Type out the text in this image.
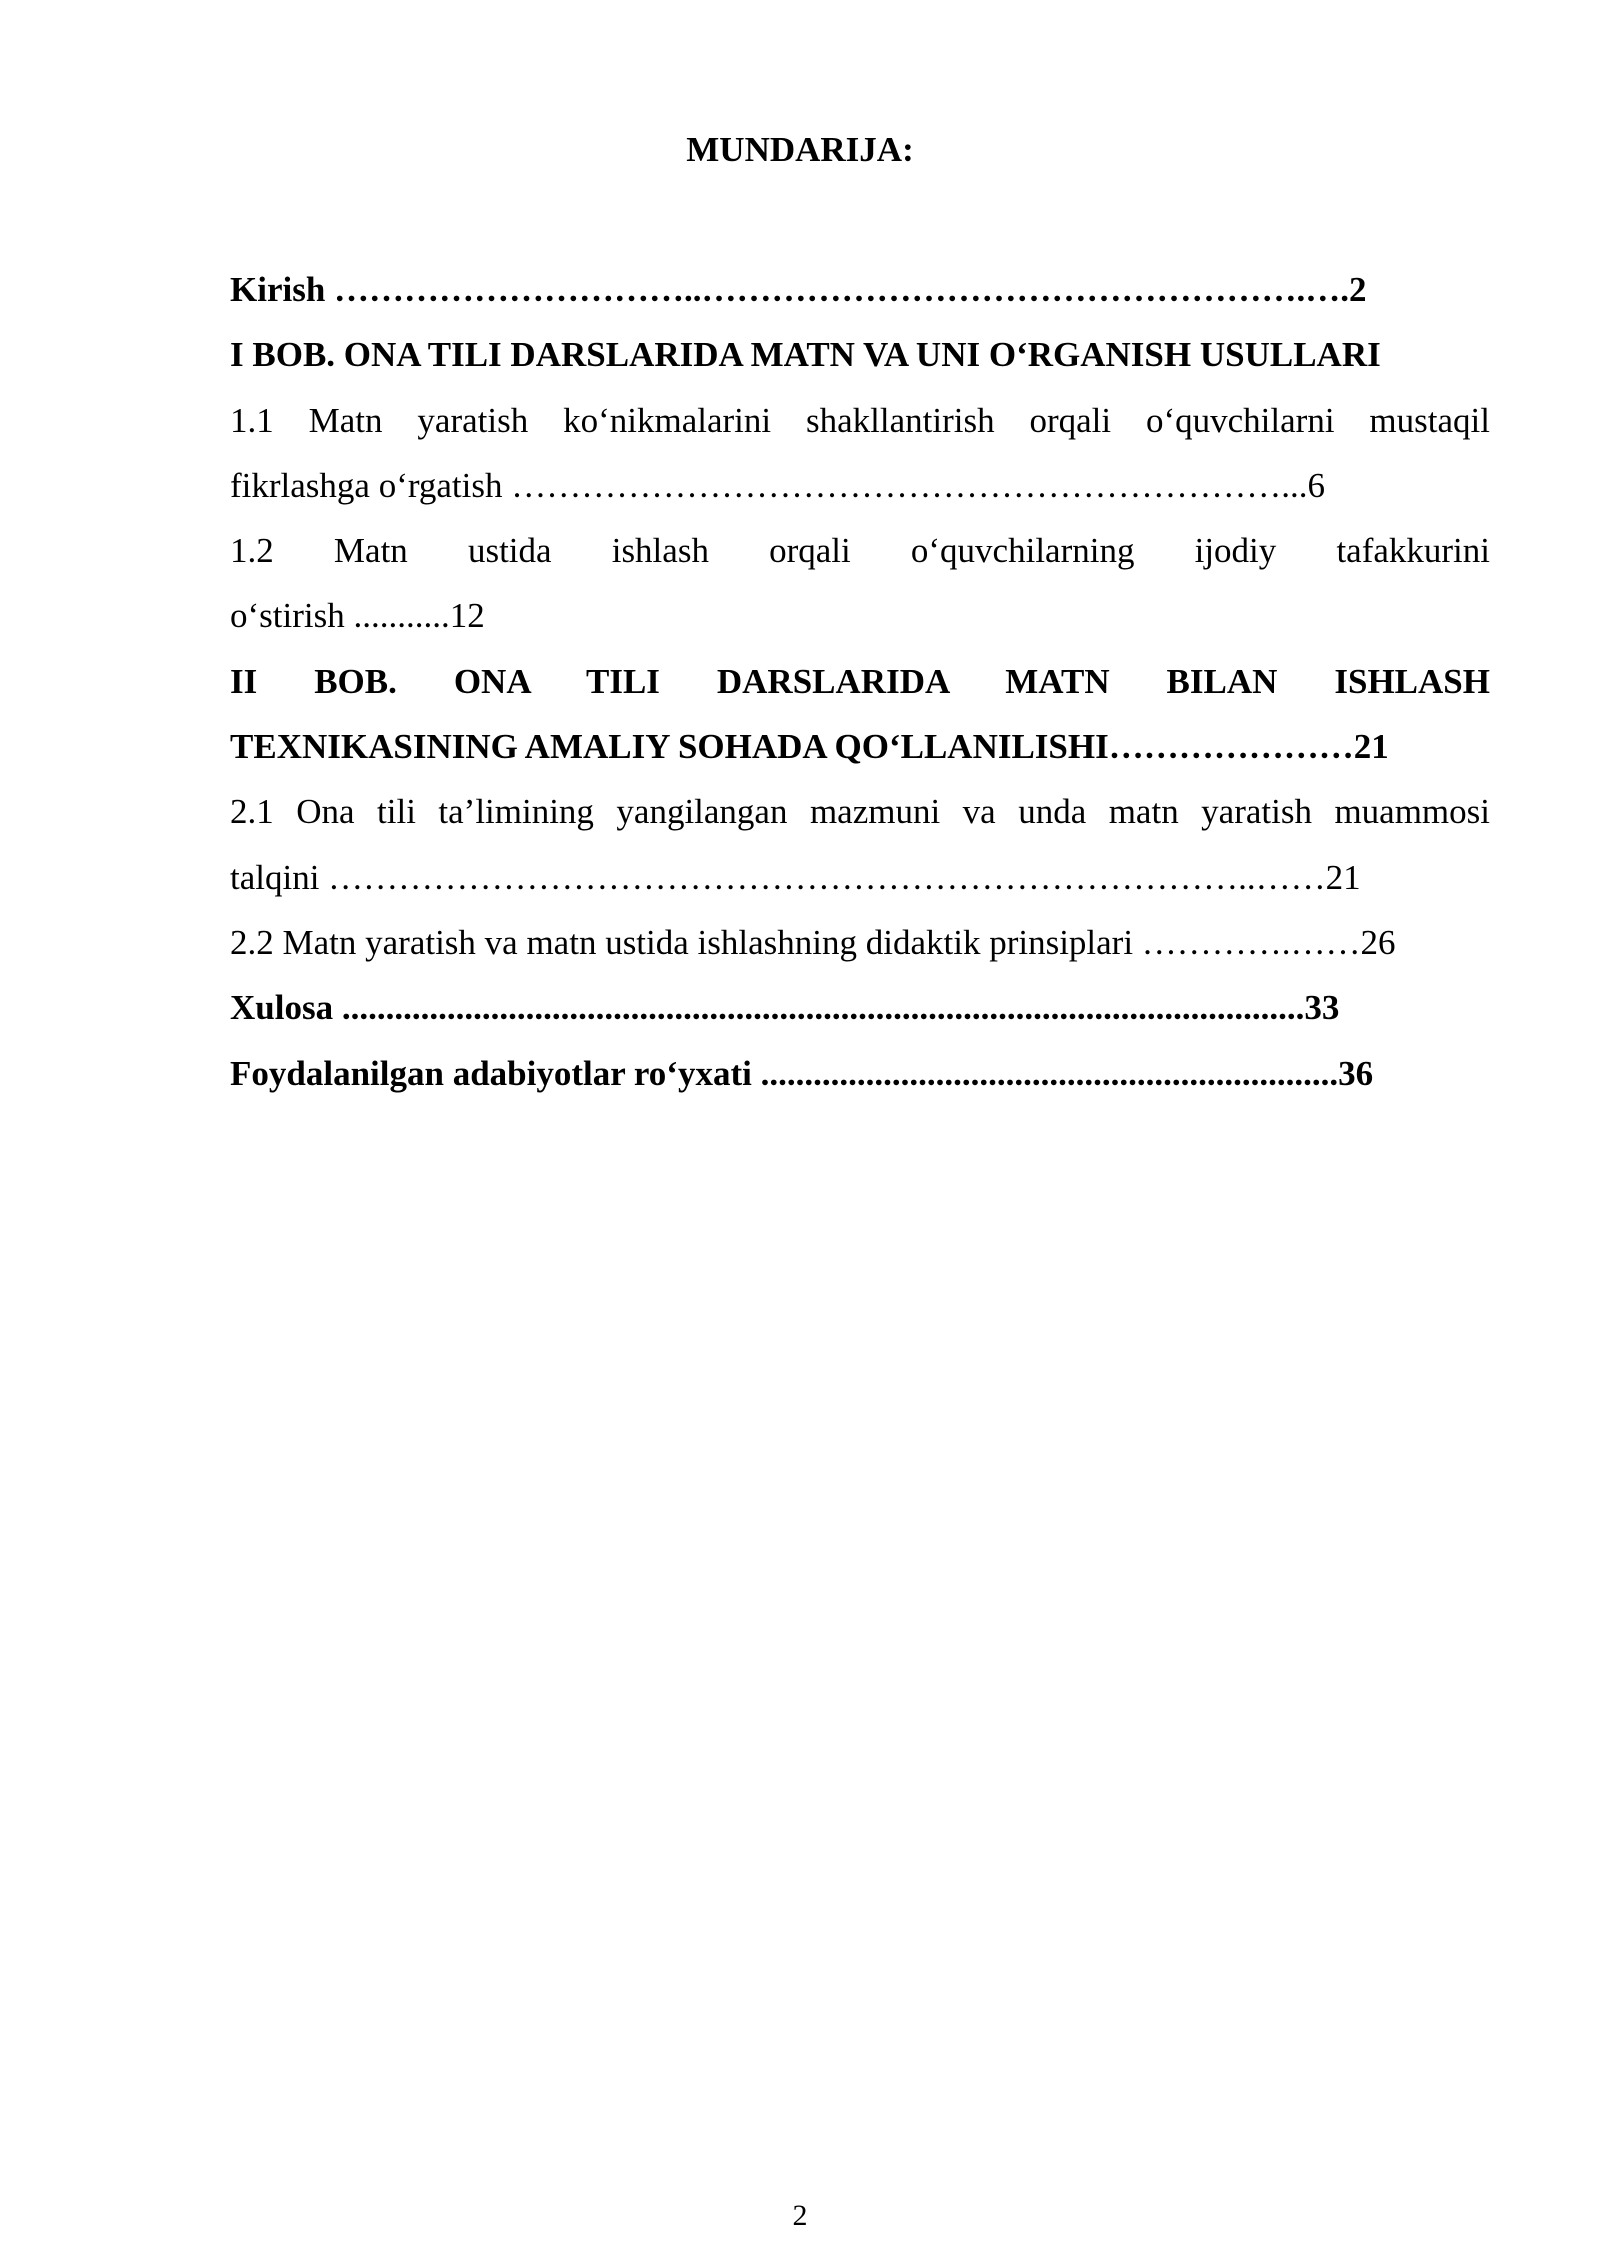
MUNDARIJA:

Kirish …………………………..…………………………………………….….2

I BOB. ONA TILI DARSLARIDA MATN VA UNI O‘RGANISH USULLARI

1.1 Matn yaratish ko‘nikmalarini shakllantirish orqali o‘quvchilarni mustaqil

fikrlashga o‘rgatish …………………………………………………………...6

1.2 Matn ustida ishlash orqali o‘quvchilarning ijodiy tafakkurini

o‘stirish ...........12

II BOB. ONA TILI DARSLARIDA MATN BILAN ISHLASH

TEXNIKASINING AMALIY SOHADA QO‘LLANILISHI…………………21

2.1 Ona tili ta’limining yangilangan mazmuni va unda matn yaratish muammosi

talqini ……………………………………………………………………..……21

2.2 Matn yaratish va matn ustida ishlashning didaktik prinsiplari ………….……26

Xulosa ..............................................................................................................33

Foydalanilgan adabiyotlar ro‘yxati ..................................................................36

2
